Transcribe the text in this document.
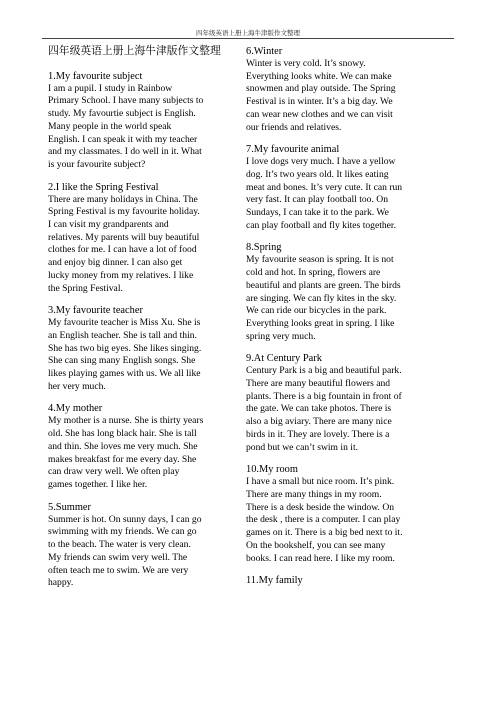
四年级英语上册上海牛津版作文整理
四年级英语上册上海牛津版作文整理
1.My favourite subject
I am a pupil. I study in Rainbow
Primary School. I have many subjects to
study. My favourtie subject is English.
Many people in the world speak
English. I can speak it with my teacher
and my classmates. I do well in it. What
is your favourite subject?
2.I like the Spring Festival
There are many holidays in China. The
Spring Festival is my favourite holiday.
I can visit my grandparents and
relatives. My parents will buy beautiful
clothes for me. I can have a lot of food
and enjoy big dinner. I can also get
lucky money from my relatives. I like
the Spring Festival.
3.My favourite teacher
My favourite teacher is Miss Xu. She is
an English teacher. She is tall and thin.
She has two big eyes. She likes singing.
She can sing many English songs. She
likes playing games with us. We all like
her very much.
4.My mother
My mother is a nurse. She is thirty years
old. She has long black hair. She is tall
and thin. She loves me very much. She
makes breakfast for me every day. She
can draw very well. We often play
games together. I like her.
5.Summer
Summer is hot. On sunny days, I can go
swimming with my friends. We can go
to the beach. The water is very clean.
My friends can swim very well. The
often teach me to swim. We are very
happy.
6.Winter
Winter is very cold. It’s snowy.
Everything looks white. We can make
snowmen and play outside. The Spring
Festival is in winter. It’s a big day. We
can wear new clothes and we can visit
our friends and relatives.
7.My favourite animal
I love dogs very much. I have a yellow
dog. It’s two years old. It likes eating
meat and bones. It’s very cute. It can run
very fast. It can play football too. On
Sundays, I can take it to the park. We
can play football and fly kites together.
8.Spring
My favourite season is spring. It is not
cold and hot. In spring, flowers are
beautiful and plants are green. The birds
are singing. We can fly kites in the sky.
We can ride our bicycles in the park.
Everything looks great in spring. I like
spring very much.
9.At Century Park
Century Park is a big and beautiful park.
There are many beautiful flowers and
plants. There is a big fountain in front of
the gate. We can take photos. There is
also a big aviary. There are many nice
birds in it. They are lovely. There is a
pond but we can’t swim in it.
10.My room
I have a small but nice room. It’s pink.
There are many things in my room.
There is a desk beside the window. On
the desk , there is a computer. I can play
games on it. There is a big bed next to it.
On the bookshelf, you can see many
books. I can read here. I like my room.
11.My family
